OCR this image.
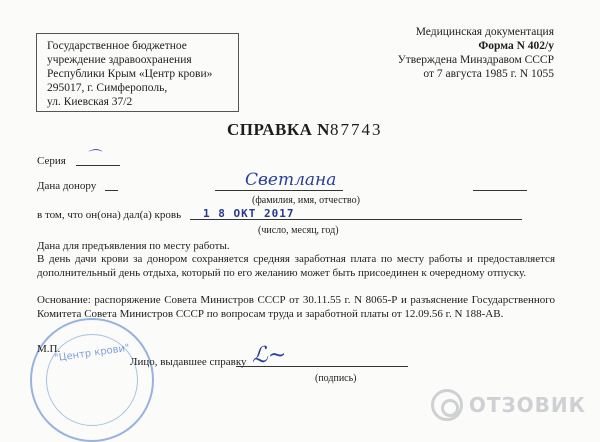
Государственное бюджетное
учреждение здравоохранения
Республики Крым «Центр крови»
295017, г. Симферополь,
ул. Киевская 37/2
Медицинская документация
Форма N 402/у
Утверждена Минздравом СССР
от 7 августа 1985 г. N 1055
СПРАВКА N87743
Серия ⌒
Дана донору	Светлана
(фамилия, имя, отчество)
в том, что он(она) дал(а) кровь 1 8 ОКТ 2017
(число, месяц, год)
Дана для предъявления по месту работы.
В день дачи крови за донором сохраняется средняя заработная плата по месту работы и предоставляется дополнительный день отдыха, который по его желанию может быть присоединен к очередному отпуску.
Основание: распоряжение Совета Министров СССР от 30.11.55 г. N 8065-Р и разъяснение Государственного Комитета Совета Министров СССР по вопросам труда и заработной платы от 12.09.56 г. N 188-АВ.
"Центр крови"
М.П.
Лицо, выдавшее справку ℒ~
(подпись)
ОТЗОВИК
